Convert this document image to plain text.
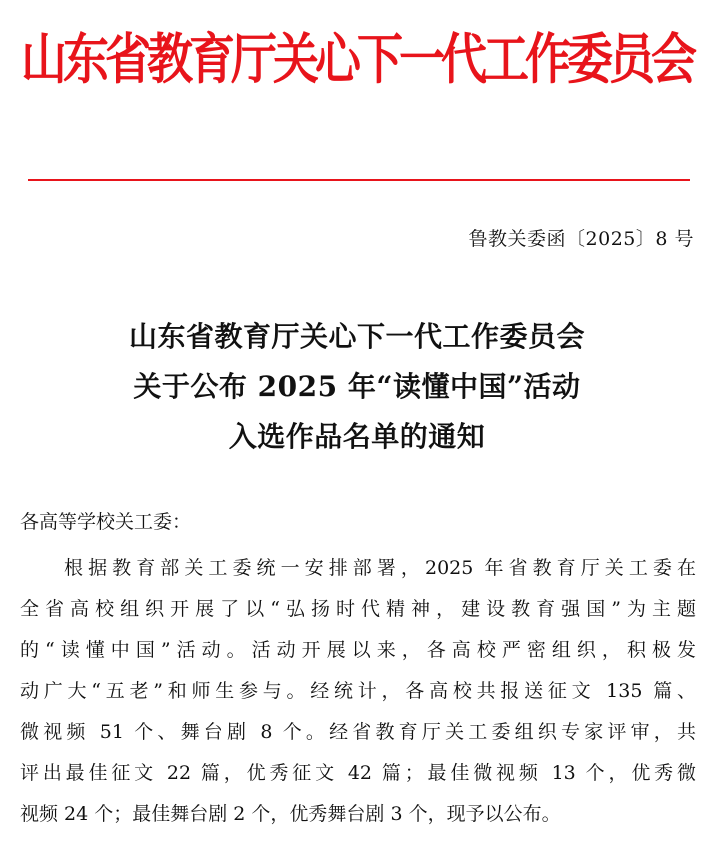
山东省教育厅关心下一代工作委员会
鲁教关委函〔2025〕8 号
山东省教育厅关心下一代工作委员会
关于公布 2025 年“读懂中国”活动
入选作品名单的通知
各高等学校关工委：
根据教育部关工委统一安排部署，2025 年省教育厅关工委在
全省高校组织开展了以“弘扬时代精神，建设教育强国”为主题
的“读懂中国”活动。活动开展以来，各高校严密组织，积极发
动广大“五老”和师生参与。经统计，各高校共报送征文 135 篇、
微视频 51 个、舞台剧 8 个。经省教育厅关工委组织专家评审，共
评出最佳征文 22 篇，优秀征文 42 篇；最佳微视频 13 个，优秀微
视频 24 个；最佳舞台剧 2 个，优秀舞台剧 3 个，现予以公布。
